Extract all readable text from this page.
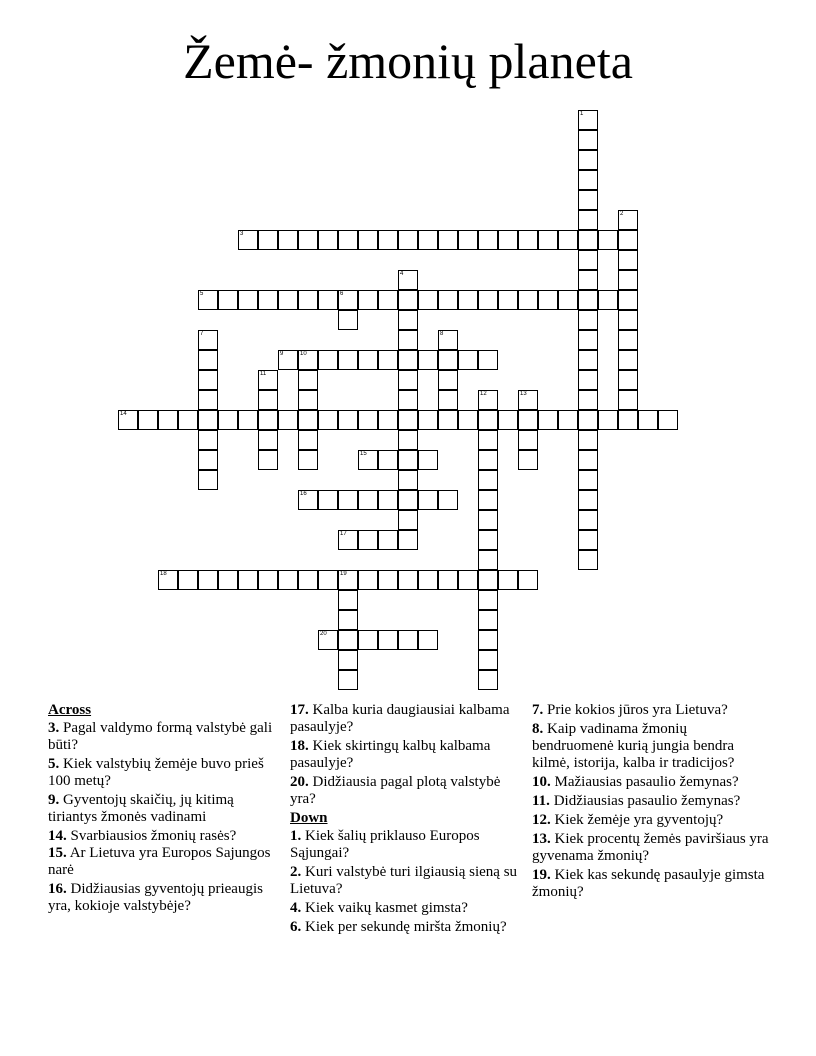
Žemė- žmonių planeta
1
2
3
4
5	6
7	8
9	10
11
12	13
14
15
16
17
18	19
20
Across
3. Pagal valdymo formą valstybė gali būti?
5. Kiek valstybių žemėje buvo prieš 100 metų?
9. Gyventojų skaičių, jų kitimą tiriantys žmonės vadinami
14. Svarbiausios žmonių rasės?
15. Ar Lietuva yra Europos Sajungos narė
16. Didžiausias gyventojų prieaugis yra, kokioje valstybėje?
17. Kalba kuria daugiausiai kalbama pasaulyje?
18. Kiek skirtingų kalbų kalbama pasaulyje?
20. Didžiausia pagal plotą valstybė yra?
Down
1. Kiek šalių priklauso Europos Sąjungai?
2. Kuri valstybė turi ilgiausią sieną su Lietuva?
4. Kiek vaikų kasmet gimsta?
6. Kiek per sekundę miršta žmonių?
7. Prie kokios jūros yra Lietuva?
8. Kaip vadinama žmonių bendruomenė kurią jungia bendra kilmė, istorija, kalba ir tradicijos?
10. Mažiausias pasaulio žemynas?
11. Didžiausias pasaulio žemynas?
12. Kiek žemėje yra gyventojų?
13. Kiek procentų žemės paviršiaus yra gyvenama žmonių?
19. Kiek kas sekundę pasaulyje gimsta žmonių?
